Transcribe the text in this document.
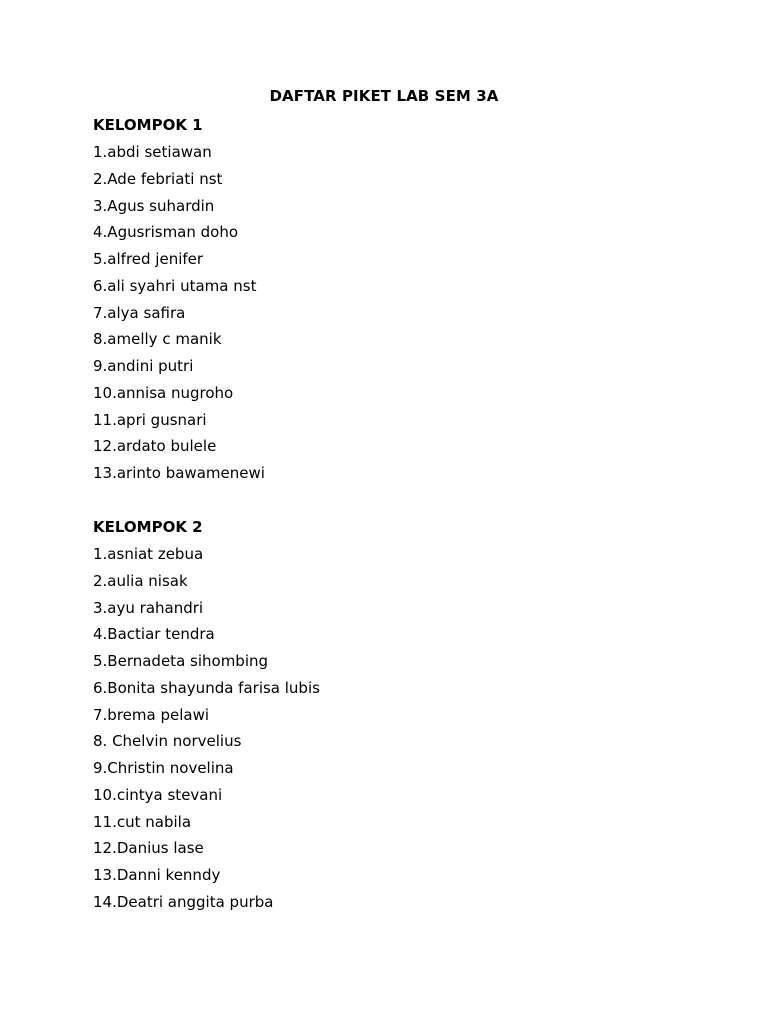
DAFTAR PIKET LAB SEM 3A
KELOMPOK 1
1.abdi setiawan
2.Ade febriati nst
3.Agus suhardin
4.Agusrisman doho
5.alfred jenifer
6.ali syahri utama nst
7.alya safira
8.amelly c manik
9.andini putri
10.annisa nugroho
11.apri gusnari
12.ardato bulele
13.arinto bawamenewi
KELOMPOK 2
1.asniat zebua
2.aulia nisak
3.ayu rahandri
4.Bactiar tendra
5.Bernadeta sihombing
6.Bonita shayunda farisa lubis
7.brema pelawi
8. Chelvin norvelius
9.Christin novelina
10.cintya stevani
11.cut nabila
12.Danius lase
13.Danni kenndy
14.Deatri anggita purba
